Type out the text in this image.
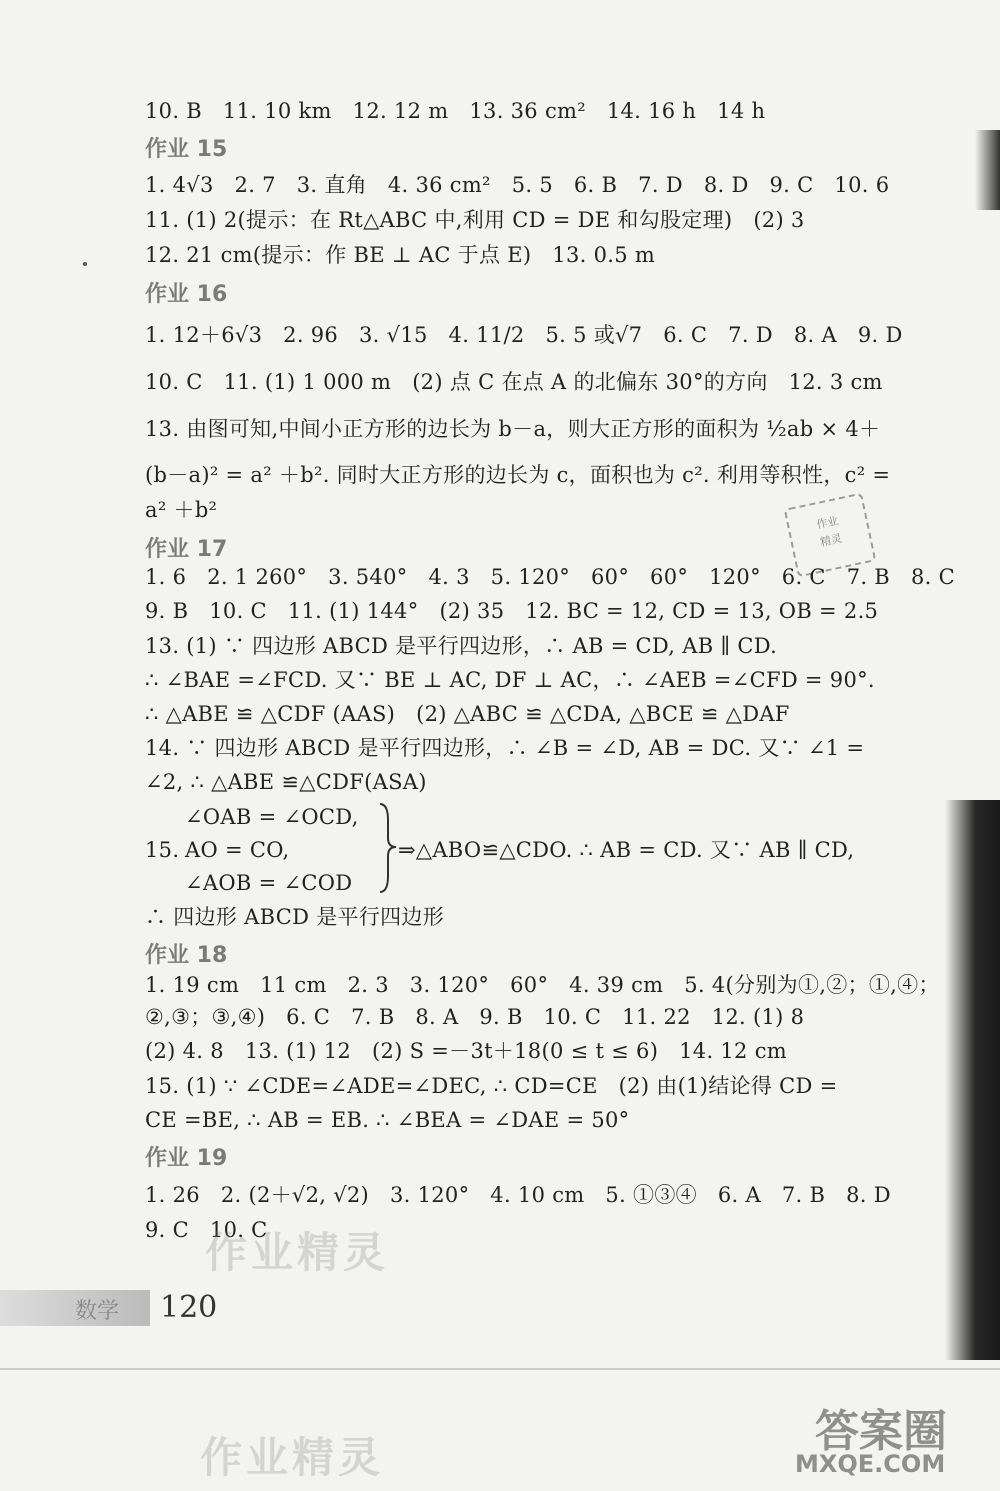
10. B   11. 10 km   12. 12 m   13. 36 cm²   14. 16 h   14 h
作业 15
1. 4√3   2. 7   3. 直角   4. 36 cm²   5. 5   6. B   7. D   8. D   9. C   10. 6
11. (1) 2(提示：在 Rt△ABC 中,利用 CD = DE 和勾股定理)   (2) 3
12. 21 cm(提示：作 BE ⊥ AC 于点 E)   13. 0.5 m
作业 16
1. 12＋6√3   2. 96   3. √15   4. 11/2   5. 5 或√7   6. C   7. D   8. A   9. D
10. C   11. (1) 1 000 m   (2) 点 C 在点 A 的北偏东 30°的方向   12. 3 cm
13. 由图可知,中间小正方形的边长为 b－a，则大正方形的面积为 ½ab × 4＋
(b－a)² = a² ＋b². 同时大正方形的边长为 c，面积也为 c². 利用等积性，c² =
a² ＋b²
作业
精灵
作业 17
1. 6   2. 1 260°   3. 540°   4. 3   5. 120°   60°   60°   120°   6. C   7. B   8. C
9. B   10. C   11. (1) 144°   (2) 35   12. BC = 12, CD = 13, OB = 2.5
13. (1) ∵ 四边形 ABCD 是平行四边形，∴ AB = CD, AB ∥ CD.
∴ ∠BAE =∠FCD. 又∵ BE ⊥ AC, DF ⊥ AC，∴ ∠AEB =∠CFD = 90°.
∴ △ABE ≌ △CDF (AAS)   (2) △ABC ≌ △CDA, △BCE ≌ △DAF
14. ∵ 四边形 ABCD 是平行四边形，∴ ∠B = ∠D, AB = DC. 又∵ ∠1 =
∠2, ∴ △ABE ≌△CDF(ASA)
∠OAB = ∠OCD,
15. AO = CO,
∠AOB = ∠COD
⇒△ABO≌△CDO. ∴ AB = CD. 又∵ AB ∥ CD,
∴ 四边形 ABCD 是平行四边形
作业 18
1. 19 cm   11 cm   2. 3   3. 120°   60°   4. 39 cm   5. 4(分别为①,②；①,④；
②,③；③,④)   6. C   7. B   8. A   9. B   10. C   11. 22   12. (1) 8
(2) 4. 8   13. (1) 12   (2) S =－3t＋18(0 ≤ t ≤ 6)   14. 12 cm
15. (1) ∵ ∠CDE=∠ADE=∠DEC, ∴ CD=CE   (2) 由(1)结论得 CD =
CE =BE, ∴ AB = EB. ∴ ∠BEA = ∠DAE = 50°
作业 19
1. 26   2. (2＋√2, √2)   3. 120°   4. 10 cm   5. ①③④   6. A   7. B   8. D
9. C   10. C
作业精灵
数学 120
作业精灵
答案圈
MXQE.COM
